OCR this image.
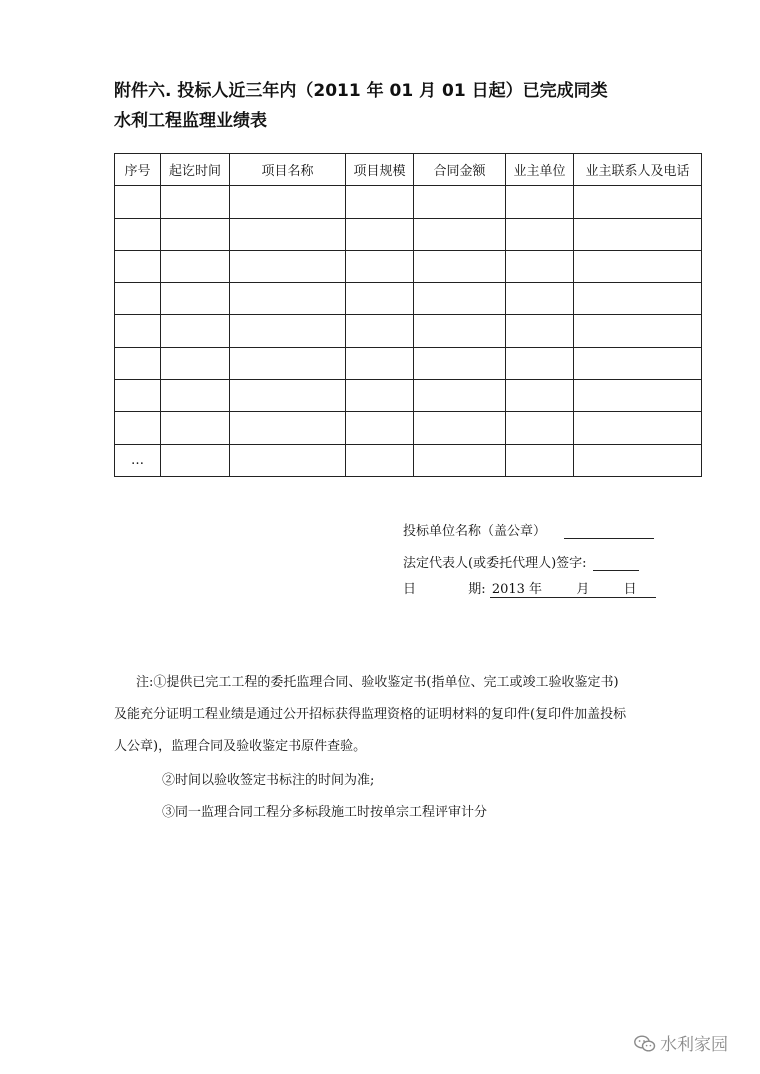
附件六. 投标人近三年内（2011 年 01 月 01 日起）已完成同类
水利工程监理业绩表
序号	起讫时间	项目名称	项目规模	合同金额	业主单位	业主联系人及电话

…						
投标单位名称（盖公章）
法定代表人(或委托代理人)签字:
日	期: 2013 年	月	日
注:①提供已完工工程的委托监理合同、验收鉴定书(指单位、完工或竣工验收鉴定书)
及能充分证明工程业绩是通过公开招标获得监理资格的证明材料的复印件(复印件加盖投标
人公章)，监理合同及验收鉴定书原件查验。
②时间以验收签定书标注的时间为准;
③同一监理合同工程分多标段施工时按单宗工程评审计分
水利家园
